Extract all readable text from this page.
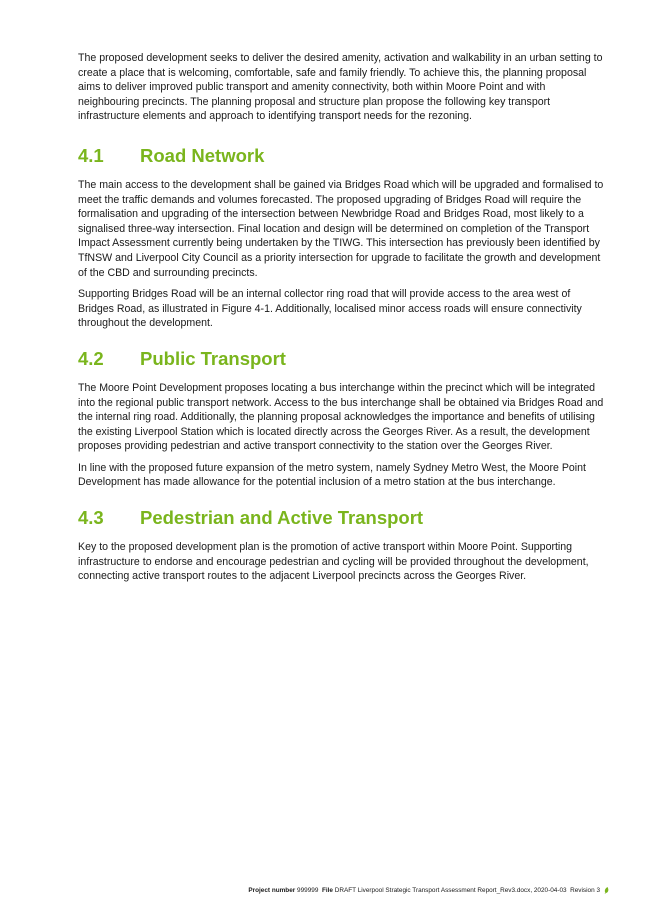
The proposed development seeks to deliver the desired amenity, activation and walkability in an urban setting to create a place that is welcoming, comfortable, safe and family friendly. To achieve this, the planning proposal aims to deliver improved public transport and amenity connectivity, both within Moore Point and with neighbouring precincts. The planning proposal and structure plan propose the following key transport infrastructure elements and approach to identifying transport needs for the rezoning.

4.1	Road Network

The main access to the development shall be gained via Bridges Road which will be upgraded and formalised to meet the traffic demands and volumes forecasted. The proposed upgrading of Bridges Road will require the formalisation and upgrading of the intersection between Newbridge Road and Bridges Road, most likely to a signalised three-way intersection. Final location and design will be determined on completion of the Transport Impact Assessment currently being undertaken by the TIWG. This intersection has previously been identified by TfNSW and Liverpool City Council as a priority intersection for upgrade to facilitate the growth and development of the CBD and surrounding precincts.

Supporting Bridges Road will be an internal collector ring road that will provide access to the area west of Bridges Road, as illustrated in Figure 4-1. Additionally, localised minor access roads will ensure connectivity throughout the development.

4.2	Public Transport

The Moore Point Development proposes locating a bus interchange within the precinct which will be integrated into the regional public transport network. Access to the bus interchange shall be obtained via Bridges Road and the internal ring road. Additionally, the planning proposal acknowledges the importance and benefits of utilising the existing Liverpool Station which is located directly across the Georges River. As a result, the development proposes providing pedestrian and active transport connectivity to the station over the Georges River.

In line with the proposed future expansion of the metro system, namely Sydney Metro West, the Moore Point Development has made allowance for the potential inclusion of a metro station at the bus interchange.

4.3	Pedestrian and Active Transport

Key to the proposed development plan is the promotion of active transport within Moore Point. Supporting infrastructure to endorse and encourage pedestrian and cycling will be provided throughout the development, connecting active transport routes to the adjacent Liverpool precincts across the Georges River.

Project number
999999
File
DRAFT Liverpool Strategic Transport Assessment Report_Rev3.docx, 2020-04-03
Revision
3
